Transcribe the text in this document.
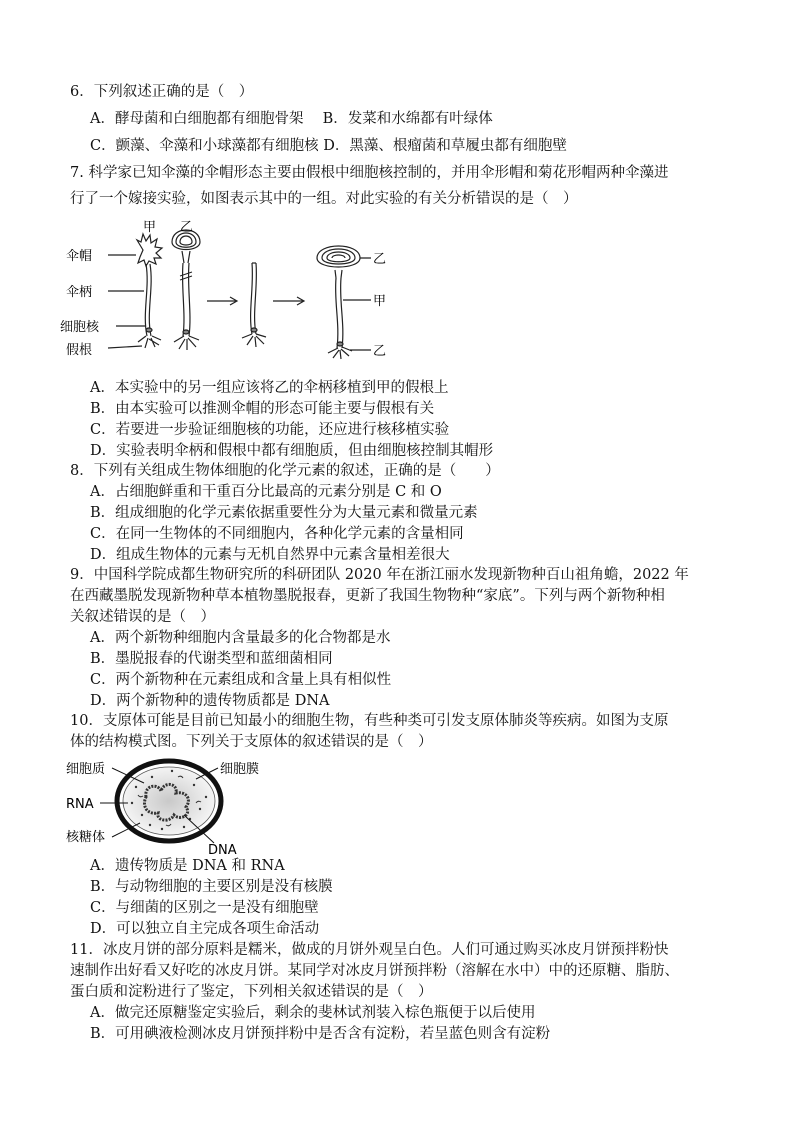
6．下列叙述正确的是（　）
A．酵母菌和白细胞都有细胞骨架　 B．发菜和水绵都有叶绿体
C．颤藻、伞藻和小球藻都有细胞核 D．黑藻、根瘤菌和草履虫都有细胞壁
7. 科学家已知伞藻的伞帽形态主要由假根中细胞核控制的，并用伞形帽和菊花形帽两种伞藻进
行了一个嫁接实验，如图表示其中的一组。对此实验的有关分析错误的是（　）
伞帽
伞柄
细胞核
假根
甲 乙
乙
甲
乙
A．本实验中的另一组应该将乙的伞柄移植到甲的假根上
B．由本实验可以推测伞帽的形态可能主要与假根有关
C．若要进一步验证细胞核的功能，还应进行核移植实验
D．实验表明伞柄和假根中都有细胞质，但由细胞核控制其帽形
8．下列有关组成生物体细胞的化学元素的叙述，正确的是（　　）
A．占细胞鲜重和干重百分比最高的元素分别是 C 和 O
B．组成细胞的化学元素依据重要性分为大量元素和微量元素
C．在同一生物体的不同细胞内，各种化学元素的含量相同
D．组成生物体的元素与无机自然界中元素含量相差很大
9．中国科学院成都生物研究所的科研团队 2020 年在浙江丽水发现新物种百山祖角蟾，2022 年
在西藏墨脱发现新物种草本植物墨脱报春，更新了我国生物物种“家底”。下列与两个新物种相
关叙述错误的是（　）
A．两个新物种细胞内含量最多的化合物都是水
B．墨脱报春的代谢类型和蓝细菌相同
C．两个新物种在元素组成和含量上具有相似性
D．两个新物种的遗传物质都是 DNA
10．支原体可能是目前已知最小的细胞生物，有些种类可引发支原体肺炎等疾病。如图为支原
体的结构模式图。下列关于支原体的叙述错误的是（　）
细胞质	细胞膜
RNA
核糖体
DNA
A．遗传物质是 DNA 和 RNA
B．与动物细胞的主要区别是没有核膜
C．与细菌的区别之一是没有细胞壁
D．可以独立自主完成各项生命活动
11．冰皮月饼的部分原料是糯米，做成的月饼外观呈白色。人们可通过购买冰皮月饼预拌粉快
速制作出好看又好吃的冰皮月饼。某同学对冰皮月饼预拌粉（溶解在水中）中的还原糖、脂肪、
蛋白质和淀粉进行了鉴定，下列相关叙述错误的是（　）
A．做完还原糖鉴定实验后，剩余的斐林试剂装入棕色瓶便于以后使用
B．可用碘液检测冰皮月饼预拌粉中是否含有淀粉，若呈蓝色则含有淀粉
